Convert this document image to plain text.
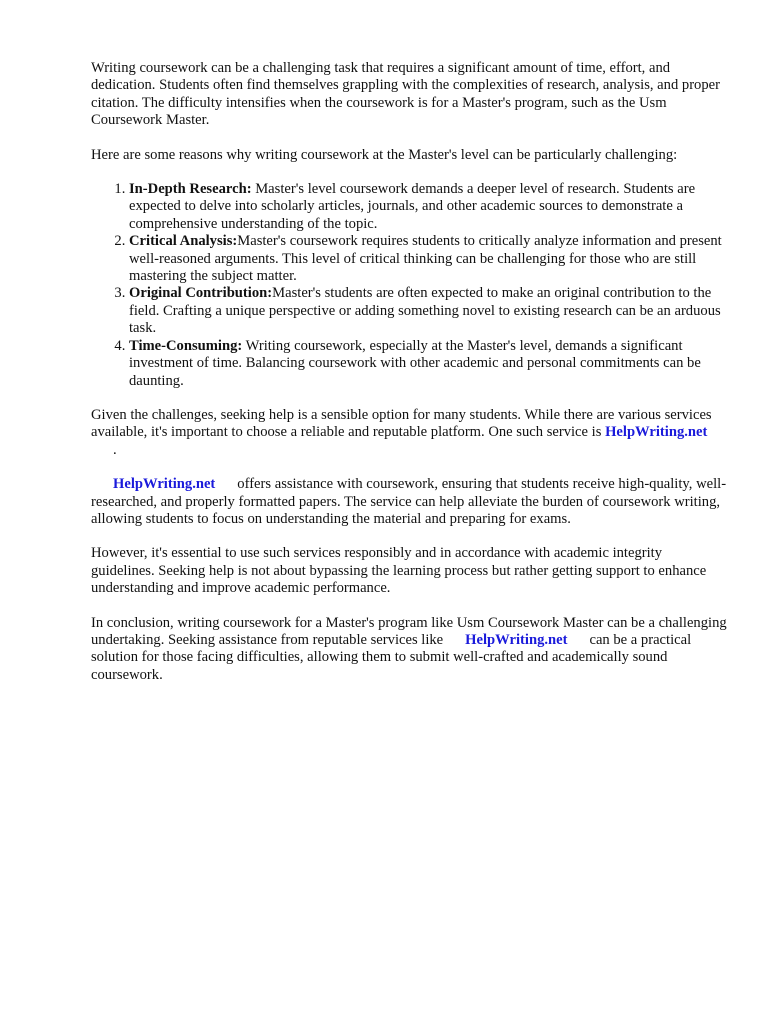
Writing coursework can be a challenging task that requires a significant amount of time, effort, and dedication. Students often find themselves grappling with the complexities of research, analysis, and proper citation. The difficulty intensifies when the coursework is for a Master's program, such as the Usm Coursework Master.

Here are some reasons why writing coursework at the Master's level can be particularly challenging:

1. In-Depth Research: Master's level coursework demands a deeper level of research. Students are expected to delve into scholarly articles, journals, and other academic sources to demonstrate a comprehensive understanding of the topic.
2. Critical Analysis:Master's coursework requires students to critically analyze information and present well-reasoned arguments. This level of critical thinking can be challenging for those who are still mastering the subject matter.
3. Original Contribution:Master's students are often expected to make an original contribution to the field. Crafting a unique perspective or adding something novel to existing research can be an arduous task.
4. Time-Consuming: Writing coursework, especially at the Master's level, demands a significant investment of time. Balancing coursework with other academic and personal commitments can be daunting.

Given the challenges, seeking help is a sensible option for many students. While there are various services available, it's important to choose a reliable and reputable platform. One such service is HelpWriting.net.

HelpWriting.net offers assistance with coursework, ensuring that students receive high-quality, well-researched, and properly formatted papers. The service can help alleviate the burden of coursework writing, allowing students to focus on understanding the material and preparing for exams.

However, it's essential to use such services responsibly and in accordance with academic integrity guidelines. Seeking help is not about bypassing the learning process but rather getting support to enhance understanding and improve academic performance.

In conclusion, writing coursework for a Master's program like Usm Coursework Master can be a challenging undertaking. Seeking assistance from reputable services like HelpWriting.net can be a practical solution for those facing difficulties, allowing them to submit well-crafted and academically sound coursework.
